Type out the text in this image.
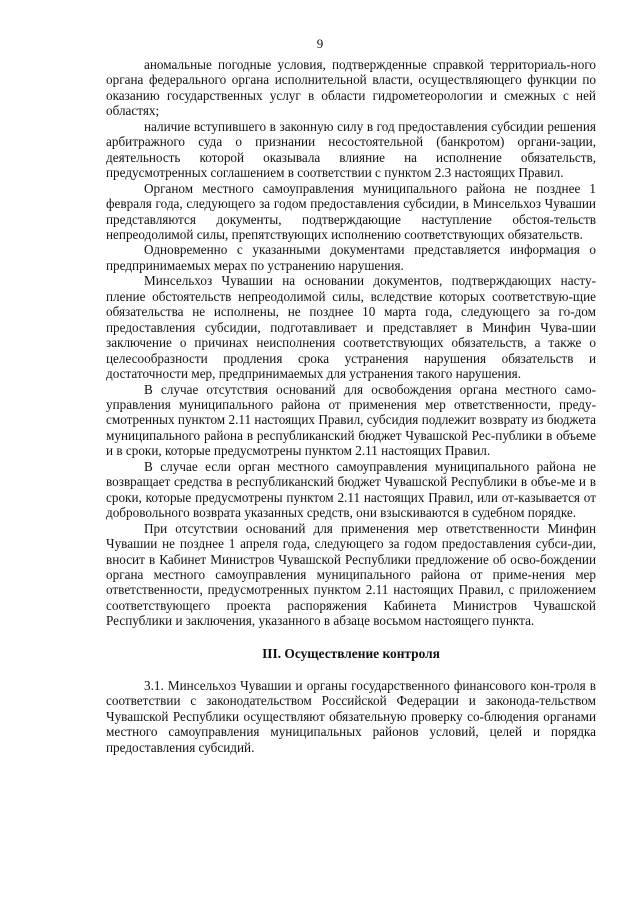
9

аномальные погодные условия, подтвержденные справкой территориаль-ного органа федерального органа исполнительной власти, осуществляющего функции по оказанию государственных услуг в области гидрометеорологии и смежных с ней областях;

наличие вступившего в законную силу в год предоставления субсидии решения арбитражного суда о признании несостоятельной (банкротом) органи-зации, деятельность которой оказывала влияние на исполнение обязательств, предусмотренных соглашением в соответствии с пунктом 2.3 настоящих Правил.

Органом местного самоуправления муниципального района не позднее 1 февраля года, следующего за годом предоставления субсидии, в Минсельхоз Чувашии представляются документы, подтверждающие наступление обстоя-тельств непреодолимой силы, препятствующих исполнению соответствующих обязательств.

Одновременно с указанными документами представляется информация о предпринимаемых мерах по устранению нарушения.

Минсельхоз Чувашии на основании документов, подтверждающих насту-пление обстоятельств непреодолимой силы, вследствие которых соответствую-щие обязательства не исполнены, не позднее 10 марта года, следующего за го-дом предоставления субсидии, подготавливает и представляет в Минфин Чува-шии заключение о причинах неисполнения соответствующих обязательств, а также о целесообразности продления срока устранения нарушения обязательств и достаточности мер, предпринимаемых для устранения такого нарушения.

В случае отсутствия оснований для освобождения органа местного само-управления муниципального района от применения мер ответственности, преду-смотренных пунктом 2.11 настоящих Правил, субсидия подлежит возврату из бюджета муниципального района в республиканский бюджет Чувашской Рес-публики в объеме и в сроки, которые предусмотрены пунктом 2.11 настоящих Правил.

В случае если орган местного самоуправления муниципального района не возвращает средства в республиканский бюджет Чувашской Республики в объе-ме и в сроки, которые предусмотрены пунктом 2.11 настоящих Правил, или от-казывается от добровольного возврата указанных средств, они взыскиваются в судебном порядке.

При отсутствии оснований для применения мер ответственности Минфин Чувашии не позднее 1 апреля года, следующего за годом предоставления субси-дии, вносит в Кабинет Министров Чувашской Республики предложение об осво-бождении органа местного самоуправления муниципального района от приме-нения мер ответственности, предусмотренных пунктом 2.11 настоящих Правил, с приложением соответствующего проекта распоряжения Кабинета Министров Чувашской Республики и заключения, указанного в абзаце восьмом настоящего пункта.

III. Осуществление контроля

3.1. Минсельхоз Чувашии и органы государственного финансового кон-троля в соответствии с законодательством Российской Федерации и законода-тельством Чувашской Республики осуществляют обязательную проверку со-блюдения органами местного самоуправления муниципальных районов условий, целей и порядка предоставления субсидий.
